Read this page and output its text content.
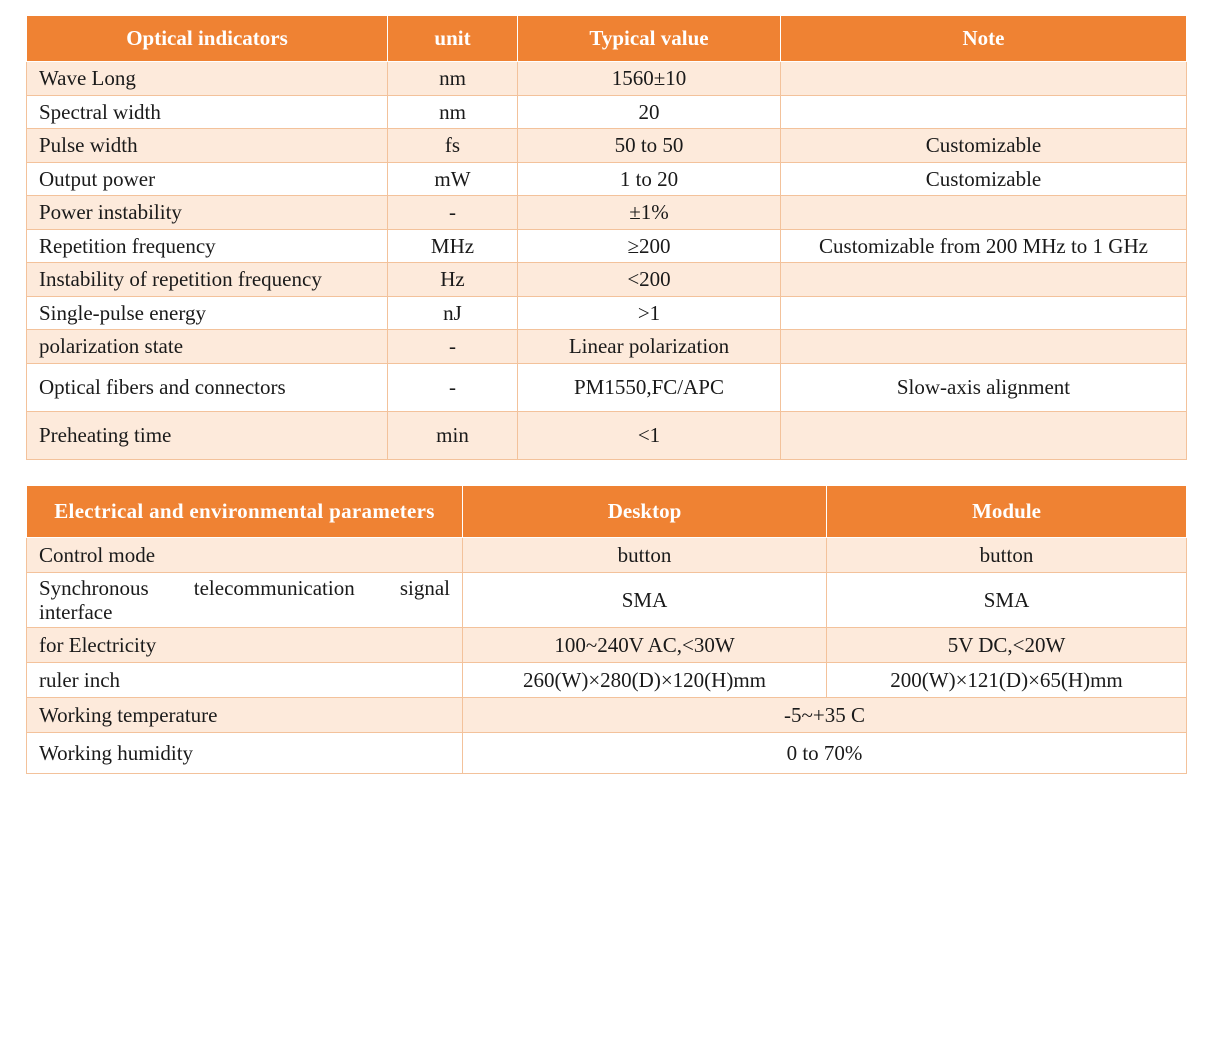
Optical indicators	unit	Typical value	Note
Wave Long	nm	1560±10	
Spectral width	nm	20	
Pulse width	fs	50 to 50	Customizable
Output power	mW	1 to 20	Customizable
Power instability	-	±1%	
Repetition frequency	MHz	≥200	Customizable from 200 MHz to 1 GHz
Instability of repetition frequency	Hz	<200	
Single-pulse energy	nJ	>1	
polarization state	-	Linear polarization	
Optical fibers and connectors	-	PM1550,FC/APC	Slow-axis alignment
Preheating time	min	<1	
Electrical and environmental parameters	Desktop	Module
Control mode	button	button

Synchronous telecommunication signal
interface	SMA	SMA
for Electricity	100~240V AC,<30W	5V DC,<20W
ruler inch	260(W)×280(D)×120(H)mm	200(W)×121(D)×65(H)mm
Working temperature	-5~+35 C	
Working humidity	0 to 70%	
